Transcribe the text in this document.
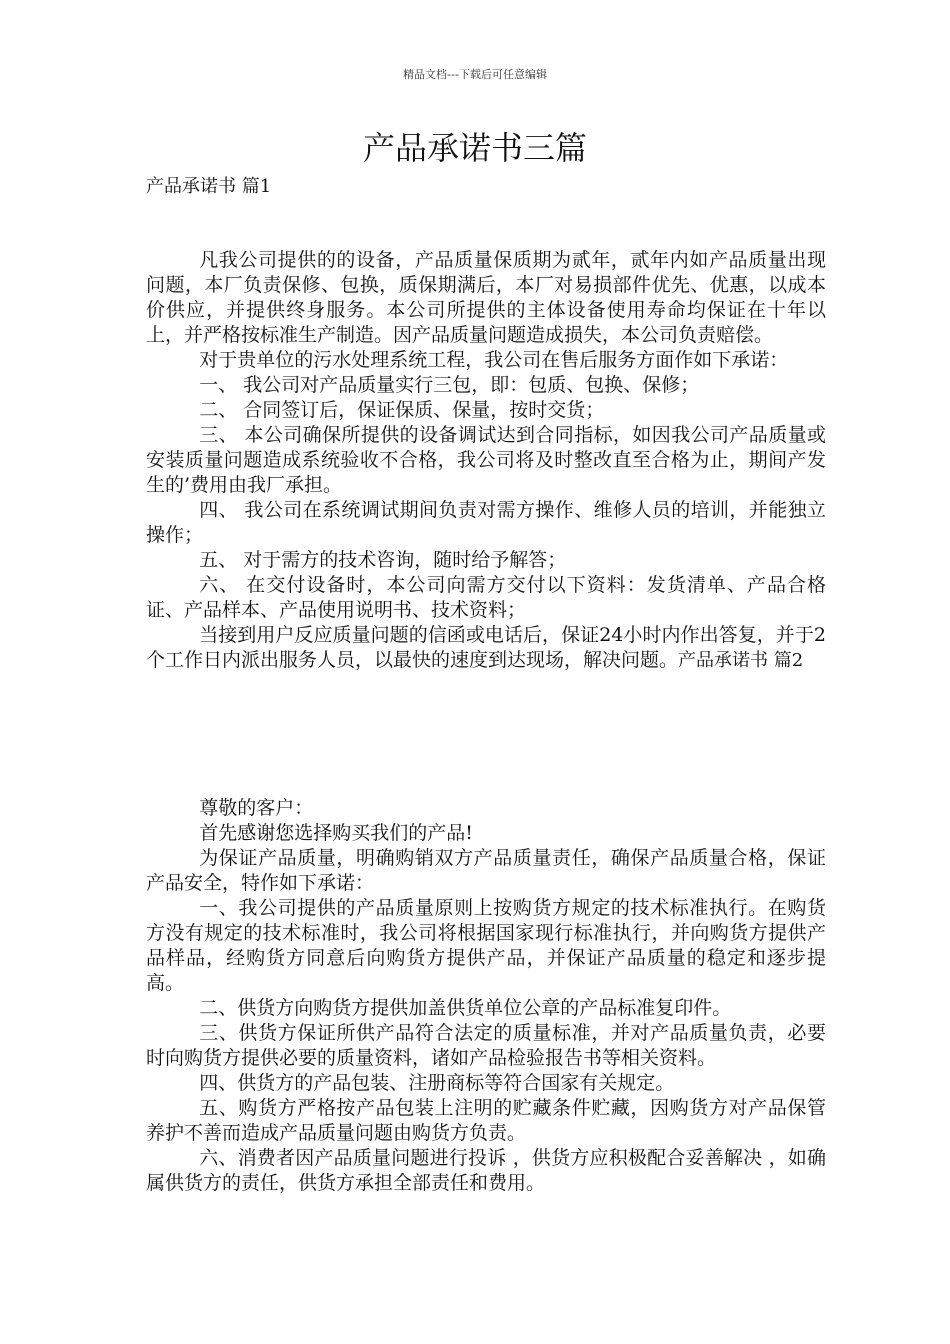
精品文档---下载后可任意编辑
产品承诺书三篇
产品承诺书 篇1

凡我公司提供的的设备，产品质量保质期为贰年，贰年内如产品质量出现问题，本厂负责保修、包换，质保期满后，本厂对易损部件优先、优惠，以成本价供应，并提供终身服务。本公司所提供的主体设备使用寿命均保证在十年以上，并严格按标准生产制造。因产品质量问题造成损失，本公司负责赔偿。

对于贵单位的污水处理系统工程，我公司在售后服务方面作如下承诺：

一、 我公司对产品质量实行三包，即：包质、包换、保修；

二、 合同签订后，保证保质、保量，按时交货；

三、 本公司确保所提供的设备调试达到合同指标，如因我公司产品质量或安装质量问题造成系统验收不合格，我公司将及时整改直至合格为止，期间产发生的’费用由我厂承担。

四、 我公司在系统调试期间负责对需方操作、维修人员的培训，并能独立操作；

五、 对于需方的技术咨询，随时给予解答；

六、 在交付设备时，本公司向需方交付以下资料：发货清单、产品合格证、产品样本、产品使用说明书、技术资料；

当接到用户反应质量问题的信函或电话后，保证24小时内作出答复，并于2个工作日内派出服务人员，以最快的速度到达现场，解决问题。产品承诺书 篇2

尊敬的客户：

首先感谢您选择购买我们的产品!

为保证产品质量，明确购销双方产品质量责任，确保产品质量合格，保证产品安全，特作如下承诺：

一、我公司提供的产品质量原则上按购货方规定的技术标准执行。在购货方没有规定的技术标准时，我公司将根据国家现行标准执行，并向购货方提供产品样品，经购货方同意后向购货方提供产品，并保证产品质量的稳定和逐步提高。

二、供货方向购货方提供加盖供货单位公章的产品标准复印件。

三、供货方保证所供产品符合法定的质量标准，并对产品质量负责，必要时向购货方提供必要的质量资料，诸如产品检验报告书等相关资料。

四、供货方的产品包装、注册商标等符合国家有关规定。

五、购货方严格按产品包装上注明的贮藏条件贮藏，因购货方对产品保管养护不善而造成产品质量问题由购货方负责。

六、消费者因产品质量问题进行投诉 ，供货方应积极配合妥善解决 ，如确属供货方的责任，供货方承担全部责任和费用。
